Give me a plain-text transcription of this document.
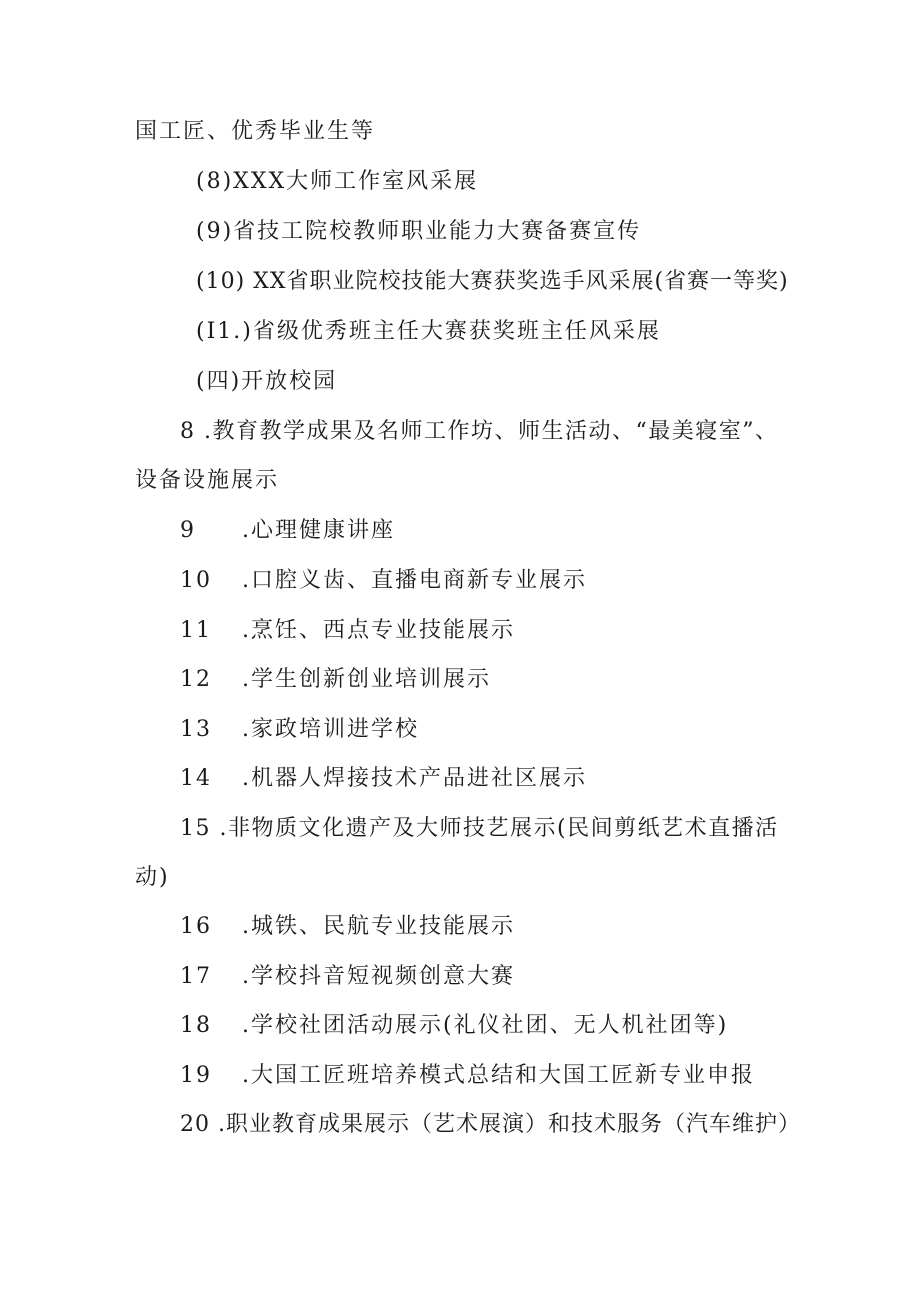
国工匠、优秀毕业生等
(8)XXX大师工作室风采展
(9)省技工院校教师职业能力大赛备赛宣传
(10) XX省职业院校技能大赛获奖选手风采展(省赛一等奖)
(I1.)省级优秀班主任大赛获奖班主任风采展
(四)开放校园
8 .教育教学成果及名师工作坊、师生活动、“最美寝室”、
设备设施展示
9 .心理健康讲座
10 .口腔义齿、直播电商新专业展示
11 .烹饪、西点专业技能展示
12 .学生创新创业培训展示
13 .家政培训进学校
14 .机器人焊接技术产品进社区展示
15 .非物质文化遗产及大师技艺展示(民间剪纸艺术直播活
动)
16 .城铁、民航专业技能展示
17 .学校抖音短视频创意大赛
18 .学校社团活动展示(礼仪社团、无人机社团等)
19 .大国工匠班培养模式总结和大国工匠新专业申报
20 .职业教育成果展示（艺术展演）和技术服务（汽车维护）
